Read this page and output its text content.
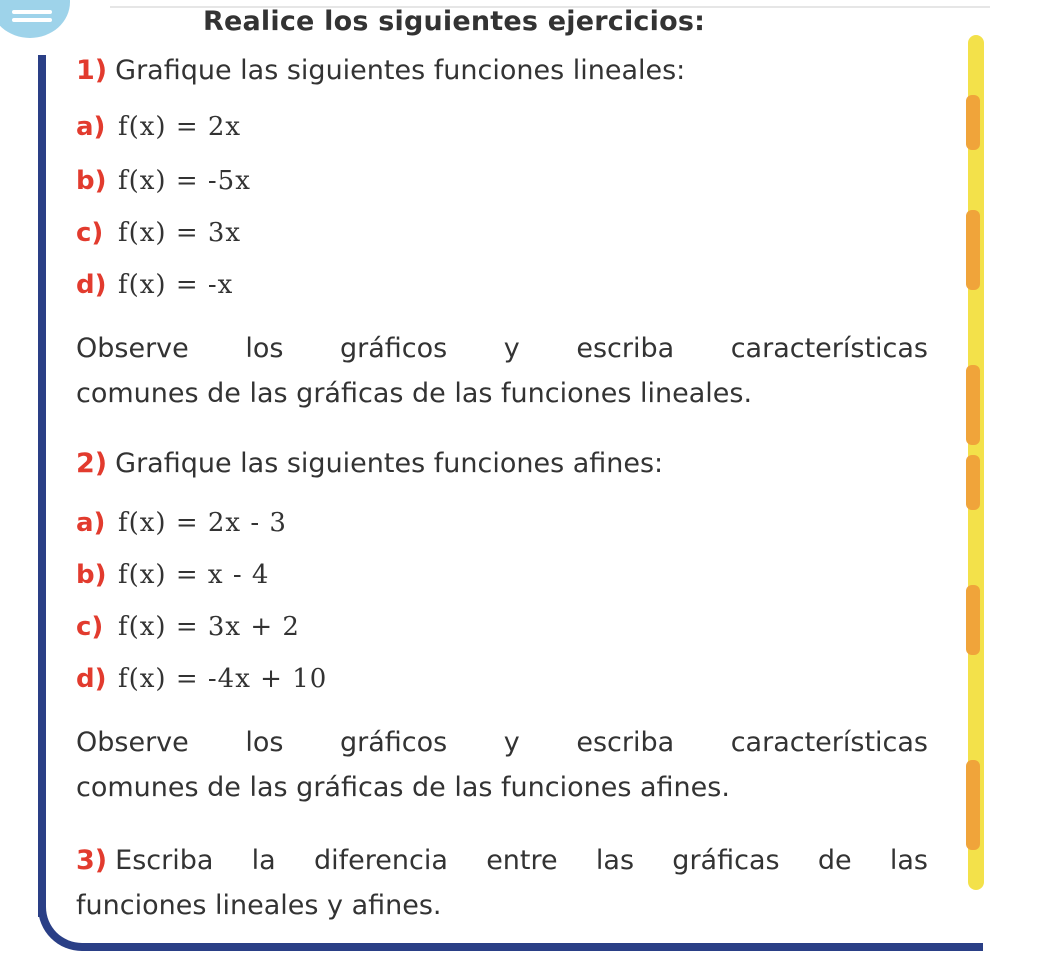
Realice los siguientes ejercicios:
1) Grafique las siguientes funciones lineales:
a) f(x) = 2x
b) f(x) = -5x
c) f(x) = 3x
d) f(x) = -x
Observe los gráficos y escriba características
comunes de las gráficas de las funciones lineales.
2) Grafique las siguientes funciones afines:
a) f(x) = 2x - 3
b) f(x) = x - 4
c) f(x) = 3x + 2
d) f(x) = -4x + 10
Observe los gráficos y escriba características
comunes de las gráficas de las funciones afines.
3) Escriba la diferencia entre las gráficas de las
funciones lineales y afines.
